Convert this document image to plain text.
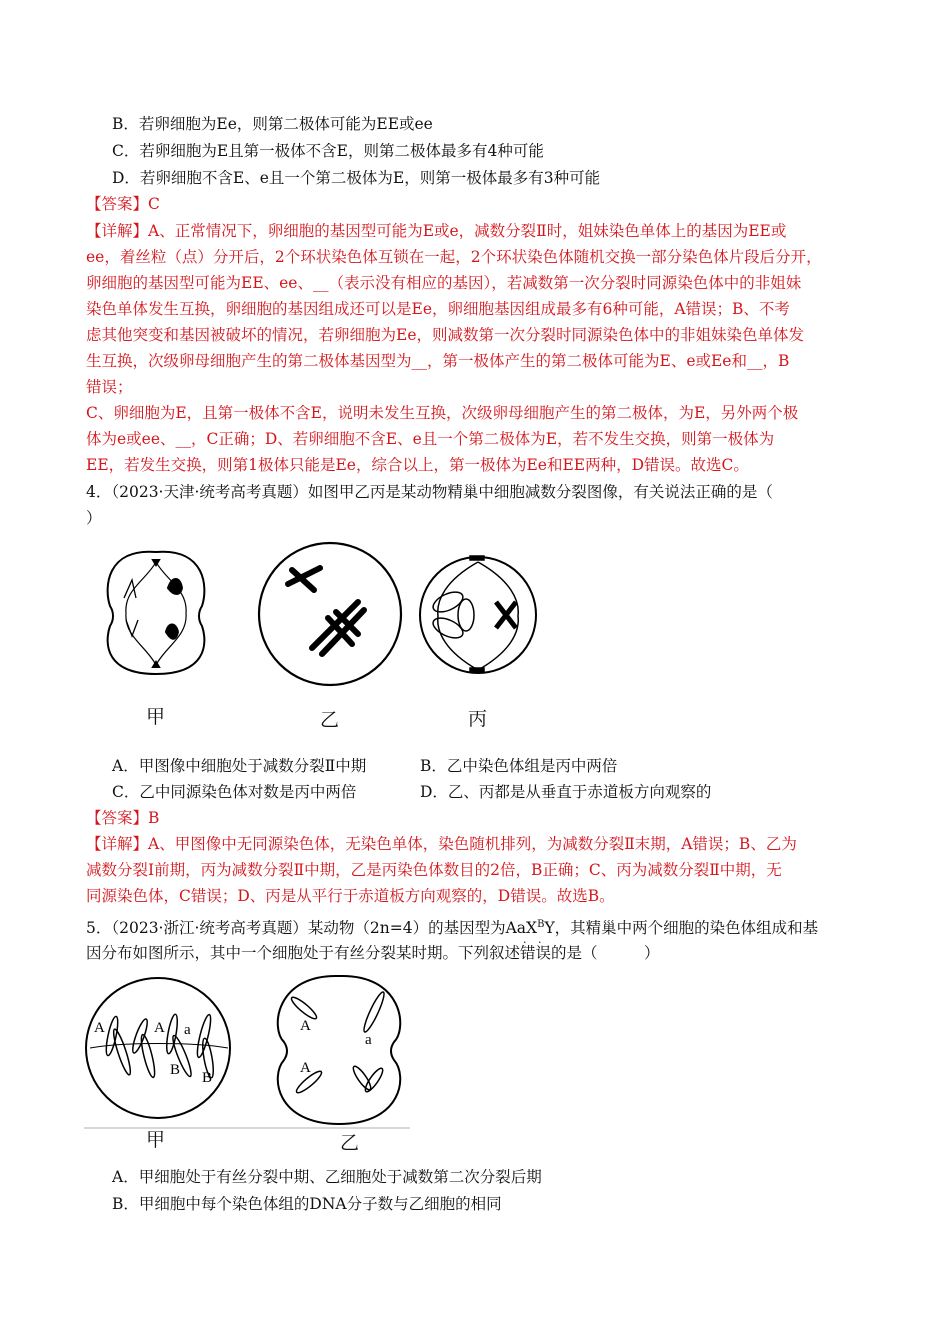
B．若卵细胞为Ee，则第二极体可能为EE或ee
C．若卵细胞为E且第一极体不含E，则第二极体最多有4种可能
D．若卵细胞不含E、e且一个第二极体为E，则第一极体最多有3种可能
【答案】C
【详解】A、正常情况下，卵细胞的基因型可能为E或e，减数分裂Ⅱ时，姐妹染色单体上的基因为EE或
ee，着丝粒（点）分开后，2个环状染色体互锁在一起，2个环状染色体随机交换一部分染色体片段后分开，
卵细胞的基因型可能为EE、ee、__（表示没有相应的基因），若减数第一次分裂时同源染色体中的非姐妹
染色单体发生互换，卵细胞的基因组成还可以是Ee，卵细胞基因组成最多有6种可能，A错误；B、不考
虑其他突变和基因被破坏的情况，若卵细胞为Ee，则减数第一次分裂时同源染色体中的非姐妹染色单体发
生互换，次级卵母细胞产生的第二极体基因型为__，第一极体产生的第二极体可能为E、e或Ee和__，B
错误；
C、卵细胞为E，且第一极体不含E，说明未发生互换，次级卵母细胞产生的第二极体，为E，另外两个极
体为e或ee、__，C正确；D、若卵细胞不含E、e且一个第二极体为E，若不发生交换，则第一极体为
EE，若发生交换，则第1极体只能是Ee，综合以上，第一极体为Ee和EE两种，D错误。故选C。
4．（2023·天津·统考高考真题）如图甲乙丙是某动物精巢中细胞减数分裂图像，有关说法正确的是（
）
甲	乙	丙
A．甲图像中细胞处于减数分裂Ⅱ中期	B．乙中染色体组是丙中两倍
C．乙中同源染色体对数是丙中两倍	D．乙、丙都是从垂直于赤道板方向观察的
【答案】B
【详解】A、甲图像中无同源染色体，无染色单体，染色随机排列，为减数分裂Ⅱ末期，A错误；B、乙为
减数分裂Ⅰ前期，丙为减数分裂Ⅱ中期，乙是丙染色体数目的2倍，B正确；C、丙为减数分裂Ⅱ中期，无
同源染色体，C错误；D、丙是从平行于赤道板方向观察的，D错误。故选B。
5．（2023·浙江·统考高考真题）某动物（2n=4）的基因型为AaX$^B$Y，其精巢中两个细胞的染色体组成和基
因分布如图所示，其中一个细胞处于有丝分裂某时期。下列叙述错误 · ·的是（　　　）
A	A a
B B
A
a
A
甲	乙
A．甲细胞处于有丝分裂中期、乙细胞处于减数第二次分裂后期
B．甲细胞中每个染色体组的DNA分子数与乙细胞的相同
